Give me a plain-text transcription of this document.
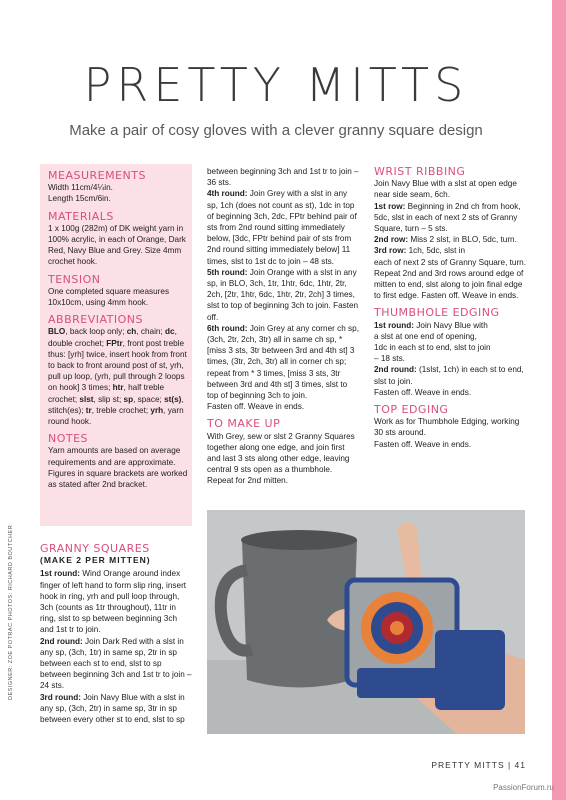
PRETTY MITTS
Make a pair of cosy gloves with a clever granny square design
MEASUREMENTS

Width 11cm/4¼in.

Length 15cm/6in.

MATERIALS

1 x 100g (282m) of DK weight yarn in 100% acrylic, in each of Orange, Dark Red, Navy Blue and Grey. Size 4mm crochet hook.

TENSION

One completed square measures 10x10cm, using 4mm hook.

ABBREVIATIONS

BLO, back loop only; ch, chain; dc, double crochet; FPtr, front post treble thus: [yrh] twice, insert hook from front to back to front around post of st, yrh, pull up loop, (yrh, pull through 2 loops on hook] 3 times; htr, half treble crochet; slst, slip st; sp, space; st(s), stitch(es); tr, treble crochet; yrh, yarn round hook.

NOTES

Yarn amounts are based on average requirements and are approximate. Figures in square brackets are worked as stated after 2nd bracket.

GRANNY SQUARES
(MAKE 2 PER MITTEN)

1st round: Wind Orange around index finger of left hand to form slip ring, insert hook in ring, yrh and pull loop through, 3ch (counts as 1tr throughout), 11tr in ring, slst to sp between beginning 3ch and 1st tr to join.

2nd round: Join Dark Red with a slst in any sp, (3ch, 1tr) in same sp, 2tr in sp between each st to end, slst to sp between beginning 3ch and 1st tr to join – 24 sts.

3rd round: Join Navy Blue with a slst in any sp, (3ch, 2tr) in same sp, 3tr in sp between every other st to end, slst to sp

between beginning 3ch and 1st tr to join – 36 sts.

4th round: Join Grey with a slst in any sp, 1ch (does not count as st), 1dc in top of beginning 3ch, 2dc, FPtr behind pair of sts from 2nd round sitting immediately below, [3dc, FPtr behind pair of sts from 2nd round sitting immediately below] 11 times, slst to 1st dc to join – 48 sts.

5th round: Join Orange with a slst in any sp, in BLO, 3ch, 1tr, 1htr, 6dc, 1htr, 2tr, 2ch, [2tr, 1htr, 6dc, 1htr, 2tr, 2ch] 3 times, slst to top of beginning 3ch to join. Fasten off.

6th round: Join Grey at any corner ch sp, (3ch, 2tr, 2ch, 3tr) all in same ch sp, *[miss 3 sts, 3tr between 3rd and 4th st] 3 times, (3tr, 2ch, 3tr) all in corner ch sp; repeat from * 3 times, [miss 3 sts, 3tr between 3rd and 4th st] 3 times, slst to top of beginning 3ch to join.

Fasten off. Weave in ends.

TO MAKE UP

With Grey, sew or slst 2 Granny Squares together along one edge, and join first and last 3 sts along other edge, leaving central 9 sts open as a thumbhole.

Repeat for 2nd mitten.

WRIST RIBBING

Join Navy Blue with a slst at open edge near side seam, 6ch.

1st row: Beginning in 2nd ch from hook, 5dc, slst in each of next 2 sts of Granny Square, turn – 5 sts.

2nd row: Miss 2 slst, in BLO, 5dc, turn.

3rd row: 1ch, 5dc, slst in

each of next 2 sts of Granny Square, turn. Repeat 2nd and 3rd rows around edge of mitten to end, slst along to join final edge to first edge. Fasten off. Weave in ends.

THUMBHOLE EDGING

1st round: Join Navy Blue with

a slst at one end of opening,

1dc in each st to end, slst to join

– 18 sts.

2nd round: (1slst, 1ch) in each st to end, slst to join.

Fasten off. Weave in ends.

TOP EDGING

Work as for Thumbhole Edging, working 30 sts around.

Fasten off. Weave in ends.

DESIGNER: ZOE POTRAC PHOTOS: RICHARD BOUTCHER
PRETTY MITTS | 41
PassionForum.ru
